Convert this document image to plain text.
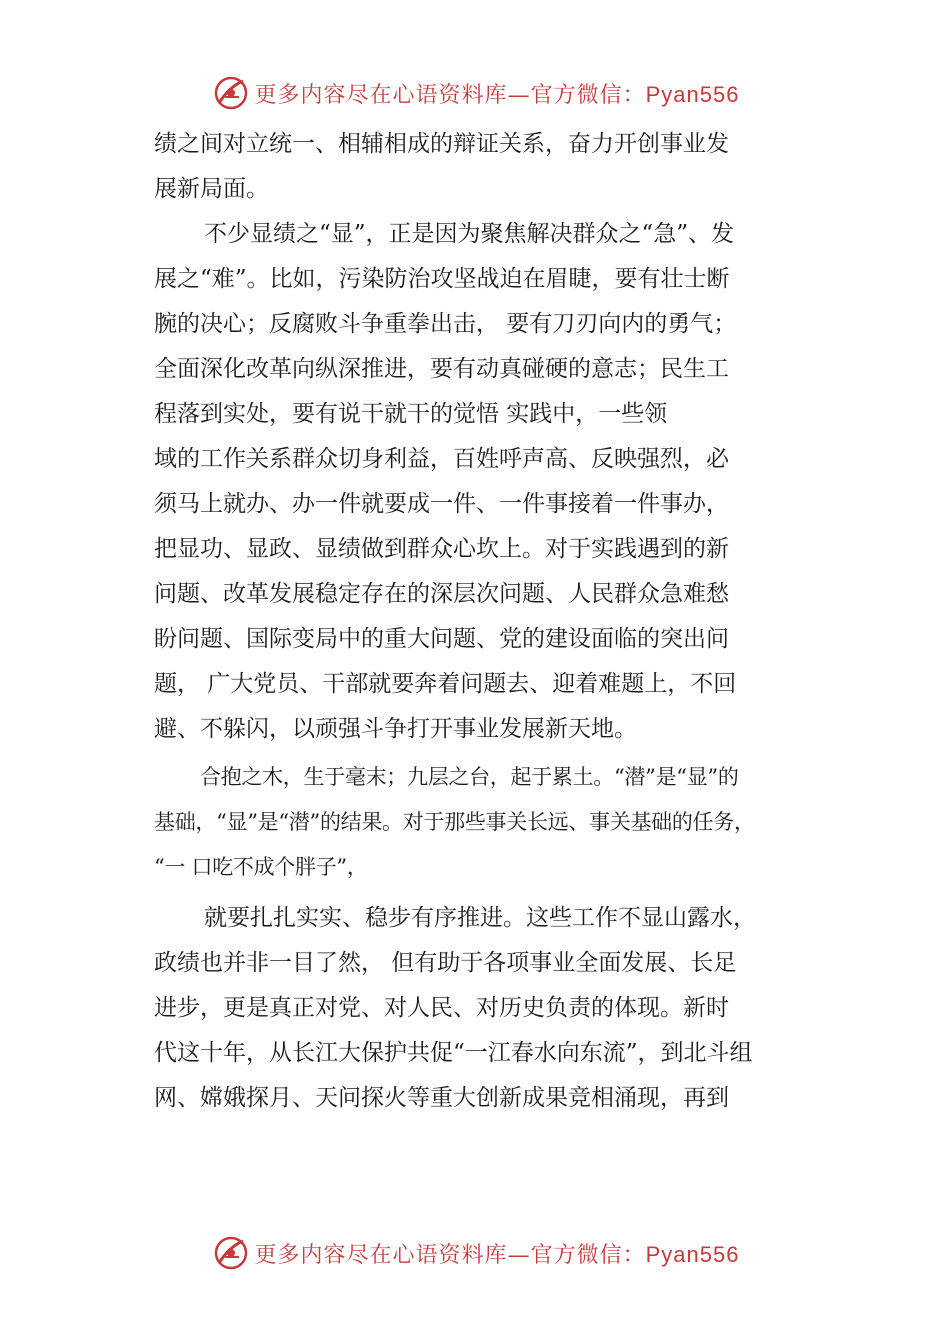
更多内容尽在心语资料库—官方微信：Pyan556
绩之间对立统一、相辅相成的辩证关系，奋力开创事业发
展新局面。
不少显绩之“显”，正是因为聚焦解决群众之“急”、发
展之“难”。比如，污染防治攻坚战迫在眉睫，要有壮士断
腕的决心；反腐败斗争重拳出击， 要有刀刃向内的勇气；
全面深化改革向纵深推进，要有动真碰硬的意志；民生工
程落到实处，要有说干就干的觉悟 实践中，一些领
域的工作关系群众切身利益，百姓呼声高、反映强烈，必
须马上就办、办一件就要成一件、一件事接着一件事办，
把显功、显政、显绩做到群众心坎上。对于实践遇到的新
问题、改革发展稳定存在的深层次问题、人民群众急难愁
盼问题、国际变局中的重大问题、党的建设面临的突出问
题， 广大党员、干部就要奔着问题去、迎着难题上，不回
避、不躲闪，以顽强斗争打开事业发展新天地。
合抱之木，生于毫末；九层之台，起于累土。“潜”是“显”的
基础，“显”是“潜”的结果。对于那些事关长远、事关基础的任务，
“一 口吃不成个胖子”，
就要扎扎实实、稳步有序推进。这些工作不显山露水，
政绩也并非一目了然， 但有助于各项事业全面发展、长足
进步，更是真正对党、对人民、对历史负责的体现。新时
代这十年，从长江大保护共促“一江春水向东流”，到北斗组
网、嫦娥探月、天问探火等重大创新成果竞相涌现，再到
更多内容尽在心语资料库—官方微信：Pyan556
